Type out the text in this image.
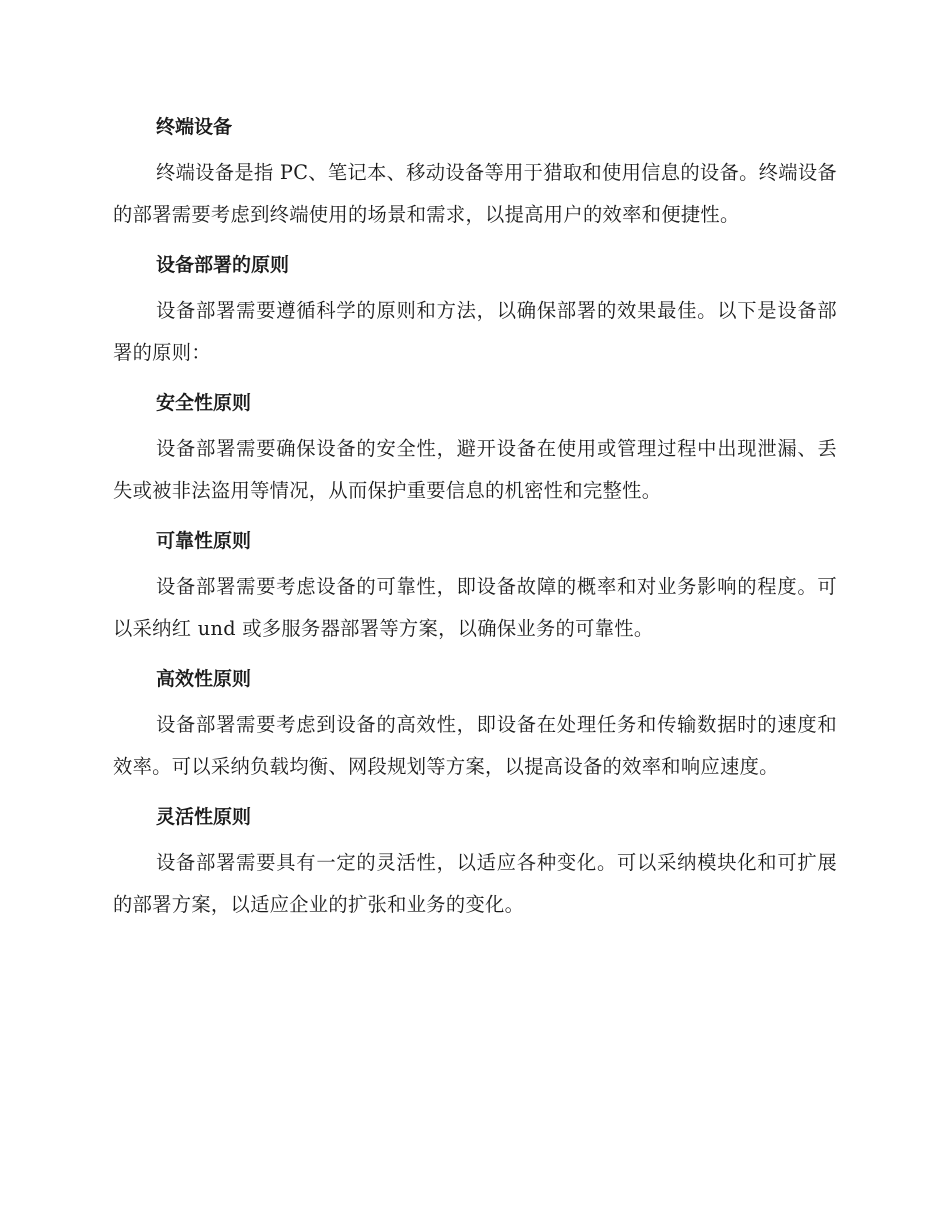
终端设备

终端设备是指 PC、笔记本、移动设备等用于猎取和使用信息的设备。终端设备的部署需要考虑到终端使用的场景和需求，以提高用户的效率和便捷性。

设备部署的原则

设备部署需要遵循科学的原则和方法，以确保部署的效果最佳。以下是设备部署的原则：

安全性原则

设备部署需要确保设备的安全性，避开设备在使用或管理过程中出现泄漏、丢失或被非法盗用等情况，从而保护重要信息的机密性和完整性。

可靠性原则

设备部署需要考虑设备的可靠性，即设备故障的概率和对业务影响的程度。可以采纳红 und 或多服务器部署等方案，以确保业务的可靠性。

高效性原则

设备部署需要考虑到设备的高效性，即设备在处理任务和传输数据时的速度和效率。可以采纳负载均衡、网段规划等方案，以提高设备的效率和响应速度。

灵活性原则

设备部署需要具有一定的灵活性，以适应各种变化。可以采纳模块化和可扩展的部署方案，以适应企业的扩张和业务的变化。
